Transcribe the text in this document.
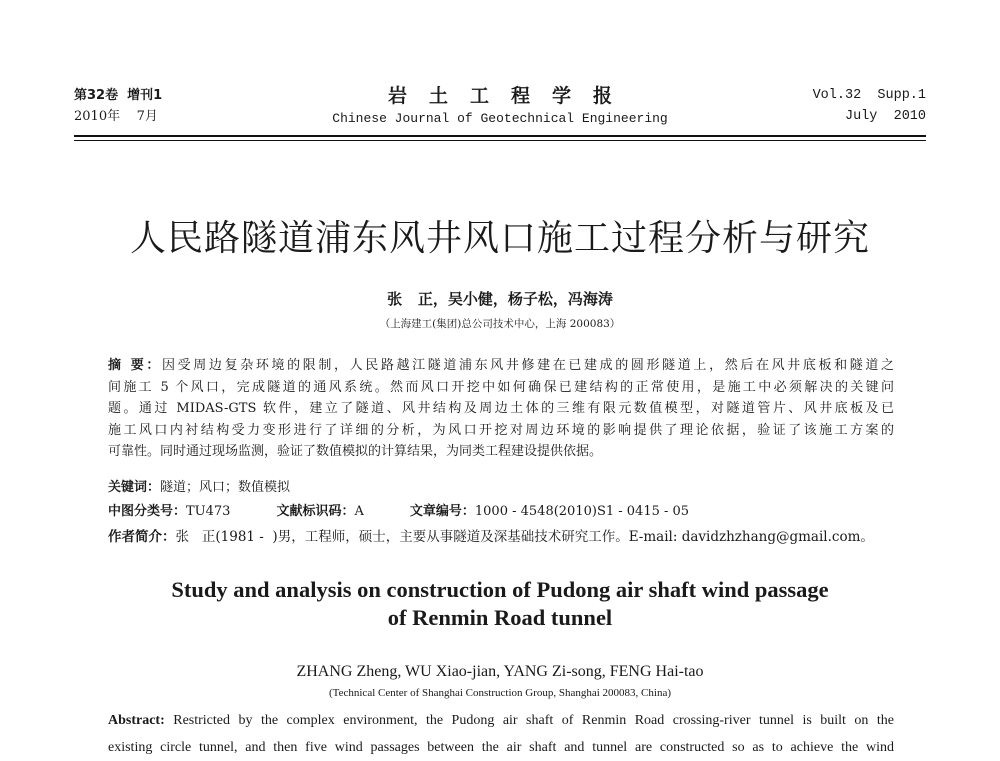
第32卷  增刊1	岩土工程学报	Vol.32  Supp.1
2010年    7月	Chinese Journal of Geotechnical Engineering	July  2010
人民路隧道浦东风井风口施工过程分析与研究
张   正，吴小健，杨子松，冯海涛
（上海建工(集团)总公司技术中心，上海 200083）
摘 要：因受周边复杂环境的限制，人民路越江隧道浦东风井修建在已建成的圆形隧道上，然后在风井底板和隧道之
间施工 5 个风口，完成隧道的通风系统。然而风口开挖中如何确保已建结构的正常使用，是施工中必须解决的关键问
题。通过 MIDAS-GTS 软件，建立了隧道、风井结构及周边土体的三维有限元数值模型，对隧道管片、风井底板及已
施工风口内衬结构受力变形进行了详细的分析，为风口开挖对周边环境的影响提供了理论依据，验证了该施工方案的
可靠性。同时通过现场监测，验证了数值模拟的计算结果，为同类工程建设提供依据。
关键词：隧道；风口；数值模拟
中图分类号：TU473	文献标识码：A	文章编号：1000 - 4548(2010)S1 - 0415 - 05
作者简介：张   正(1981 -  )男，工程师，硕士，主要从事隧道及深基础技术研究工作。E-mail: davidzhzhang@gmail.com。
Study and analysis on construction of Pudong air shaft wind passage
of Renmin Road tunnel
ZHANG Zheng, WU Xiao-jian, YANG Zi-song, FENG Hai-tao
(Technical Center of Shanghai Construction Group, Shanghai 200083, China)
Abstract: Restricted by the complex environment, the Pudong air shaft of Renmin Road crossing-river tunnel is built on the
existing circle tunnel, and then five wind passages between the air shaft and tunnel are constructed so as to achieve the wind
